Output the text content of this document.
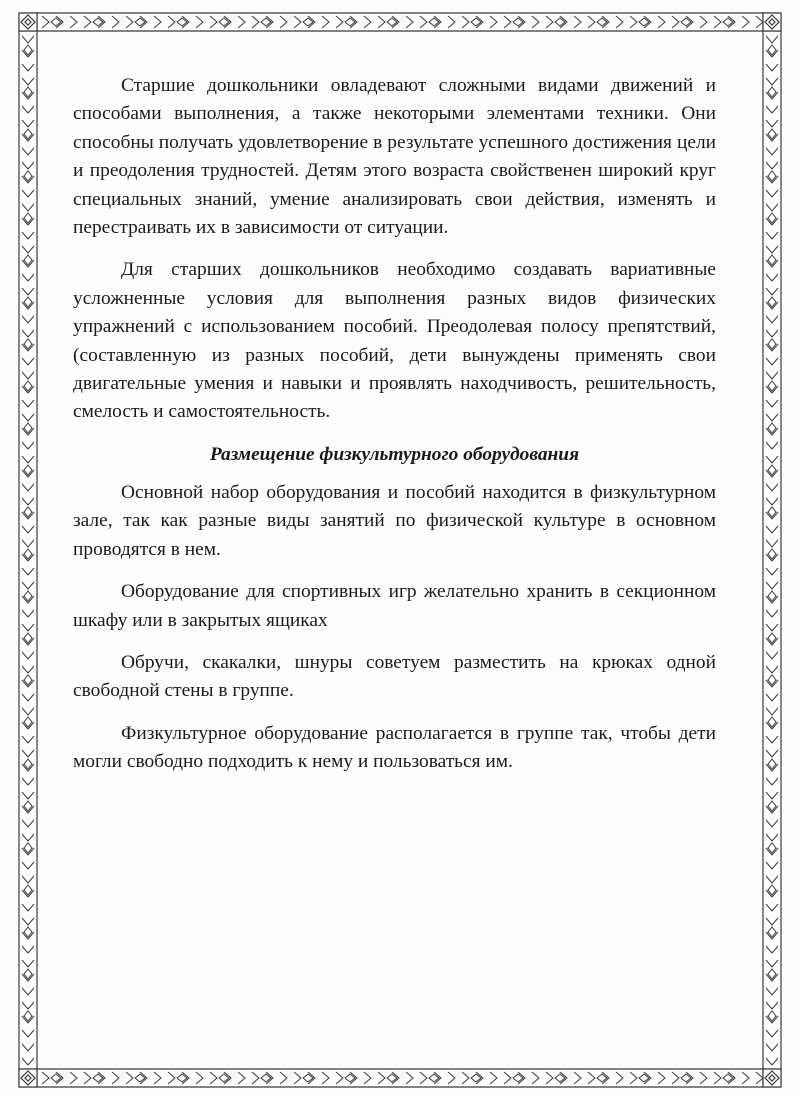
Старшие дошкольники овладевают сложными видами движений и способами выполнения, а также некоторыми элементами техники. Они способны получать удовлетворение в результате успешного достижения цели и преодоления трудностей. Детям этого возраста свойственен широкий круг специальных знаний, умение анализировать свои действия, изменять и перестраивать их в зависимости от ситуации.

Для старших дошкольников необходимо создавать вариативные усложненные условия для выполнения разных видов физических упражнений с использованием пособий. Преодолевая полосу препятствий, (составленную из разных пособий, дети вынуждены применять свои двигательные умения и навыки и проявлять находчивость, решительность, смелость и самостоятельность.

Размещение физкультурного оборудования

Основной набор оборудования и пособий находится в физкультурном зале, так как разные виды занятий по физической культуре в основном проводятся в нем.

Оборудование для спортивных игр желательно хранить в секционном шкафу или в закрытых ящиках

Обручи, скакалки, шнуры советуем разместить на крюках одной свободной стены в группе.

Физкультурное оборудование располагается в группе так, чтобы дети могли свободно подходить к нему и пользоваться им.
